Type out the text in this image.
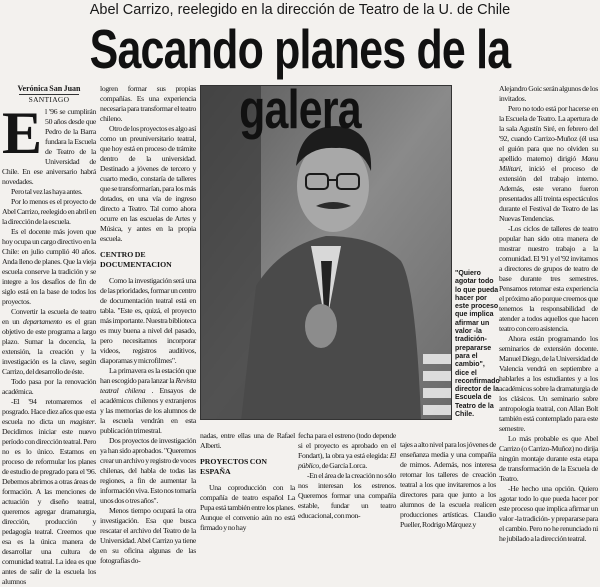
Abel Carrizo, reelegido en la dirección de Teatro de la U. de Chile
Sacando planes de la galera
Verónica San Juan
SANTIAGO

El '96 se cumplirán 50 años desde que Pedro de la Barra fundara la Escuela de Teatro de la Universidad de Chile. En ese aniversario habrá novedades.

Pero tal vez las haya antes.

Por lo menos es el proyecto de Abel Carrizo, reelegido en abril en la dirección de la escuela.

Es el docente más joven que hoy ocupa un cargo directivo en la Chile: en julio cumplió 40 años. Anda lleno de planes. Que la vieja escuela conserve la tradición y se integre a los desafíos de fin de siglo está en la base de todos los proyectos.

Convertir la escuela de teatro en un departamento es el gran objetivo de este programa a largo plazo. Sumar la docencia, la extensión, la creación y la investigación es la clave, según Carrizo, del desarrollo de éste.

Todo pasa por la renovación académica.

-El '94 retomaremos el posgrado. Hace diez años que esta escuela no dicta un magister. Decidimos iniciar este nuevo período con dirección teatral. Pero no es lo único. Estamos en proceso de reformular los planes de estudio de pregrado para el '96. Debemos abrirnos a otras áreas de formación. A las menciones de actuación y diseño teatral, queremos agregar dramaturgia, dirección, producción y pedagogía teatral. Creemos que esa es la única manera de desarrollar una cultura de comunidad teatral. La idea es que antes de salir de la escuela los alumnos

logren formar sus propias compañías. Es una experiencia necesaria para transformar el teatro chileno.

Otro de los proyectos es algo así como un preuniversitario teatral, que hoy está en proceso de trámite dentro de la universidad. Destinado a jóvenes de tercero y cuarto medio, constaría de talleres que se transformarían, para los más dotados, en una vía de ingreso directo a Teatro. Tal como ahora ocurre en las escuelas de Artes y Música, y antes en la propia escuela.

CENTRO DE DOCUMENTACION

Como la investigación será una de las prioridades, formar un centro de documentación teatral está en tabla. "Este es, quizá, el proyecto más importante. Nuestra biblioteca es muy buena a nivel del pasado, pero necesitamos incorporar videos, registros auditivos, diaporamas y microfilmes".

La primavera es la estación que han escogido para lanzar la Revista teatral chilena . Ensayos de académicos chilenos y extranjeros y las memorias de los alumnos de la escuela vendrán en esta publicación trimestral.

Dos proyectos de investigación ya han sido aprobados. "Queremos crear un archivo y registro de voces chilenas, del habla de todas las regiones, a fin de aumentar la información viva. Esto nos tomaría unos dos o tres años".

Menos tiempo ocupará la otra investigación. Esa que busca rescatar el archivo del Teatro de la Universidad. Abel Carrizo ya tiene en su oficina algunas de las fotografías do-

"Quiero agotar todo lo que pueda hacer por este proceso que implica afirmar un valor -la tradición- prepararse para el cambio", dice el reconfirmado director de la Escuela de Teatro de la Chile.

nadas, entre ellas una de Rafael Alberti.

PROYECTOS CON ESPAÑA

Una coproducción con la compañía de teatro español La Pupa está también entre los planes. Aunque el convenio aún no está firmado y no hay

fecha para el estreno (todo depende si el proyecto es aprobado en el Fondart), la obra ya está elegida: El público, de García Lorca.

-En el área de la creación no sólo nos interesan los estrenos. Queremos formar una compañía estable, fundar un teatro educacional, con mon-

tajes a alto nivel para los jóvenes de enseñanza media y una compañía de mimos. Además, nos interesa retomar los talleres de creación teatral a los que invitaremos a los directores para que junto a los alumnos de la escuela realicen producciones artísticas. Claudio Pueller, Rodrigo Márquez y

Alejandro Goic serán algunos de los invitados.

Pero no todo está por hacerse en la Escuela de Teatro. La apertura de la sala Agustín Siré, en febrero del '92, cuando Carrizo-Muñoz (él usa el guión para que no olviden su apellido materno) dirigió Manu Militari, inició el proceso de extensión del trabajo interno. Además, este verano fueron presentados allí treinta espectáculos durante el Festival de Teatro de las Nuevas Tendencias.

-Los ciclos de talleres de teatro popular han sido otra manera de mostrar nuestro trabajo a la comunidad. El '91 y el '92 invitamos a directores de grupos de teatro de base durante tres semestres. Pensamos retomar esta experiencia el próximo año porque creemos que tenemos la responsabilidad de atender a todos aquellos que hacen teatro con cero asistencia.

Ahora están programando los seminarios de extensión docente. Manuel Diego, de la Universidad de Valencia vendrá en septiembre a hablarles a los estudiantes y a los académicos sobre la dramaturgia de los clásicos. Un seminario sobre antropología teatral, con Allan Bolt también está contemplado para este semestre.

Lo más probable es que Abel Carrizo (o Carrizo-Muñoz) no dirija ningún montaje durante esta etapa de transformación de la Escuela de Teatro.

-He hecho una opción. Quiero agotar todo lo que pueda hacer por este proceso que implica afirmar un valor -la tradición- y prepararse para el cambio. Pero no he renunciado ni he jubilado a la dirección teatral.
